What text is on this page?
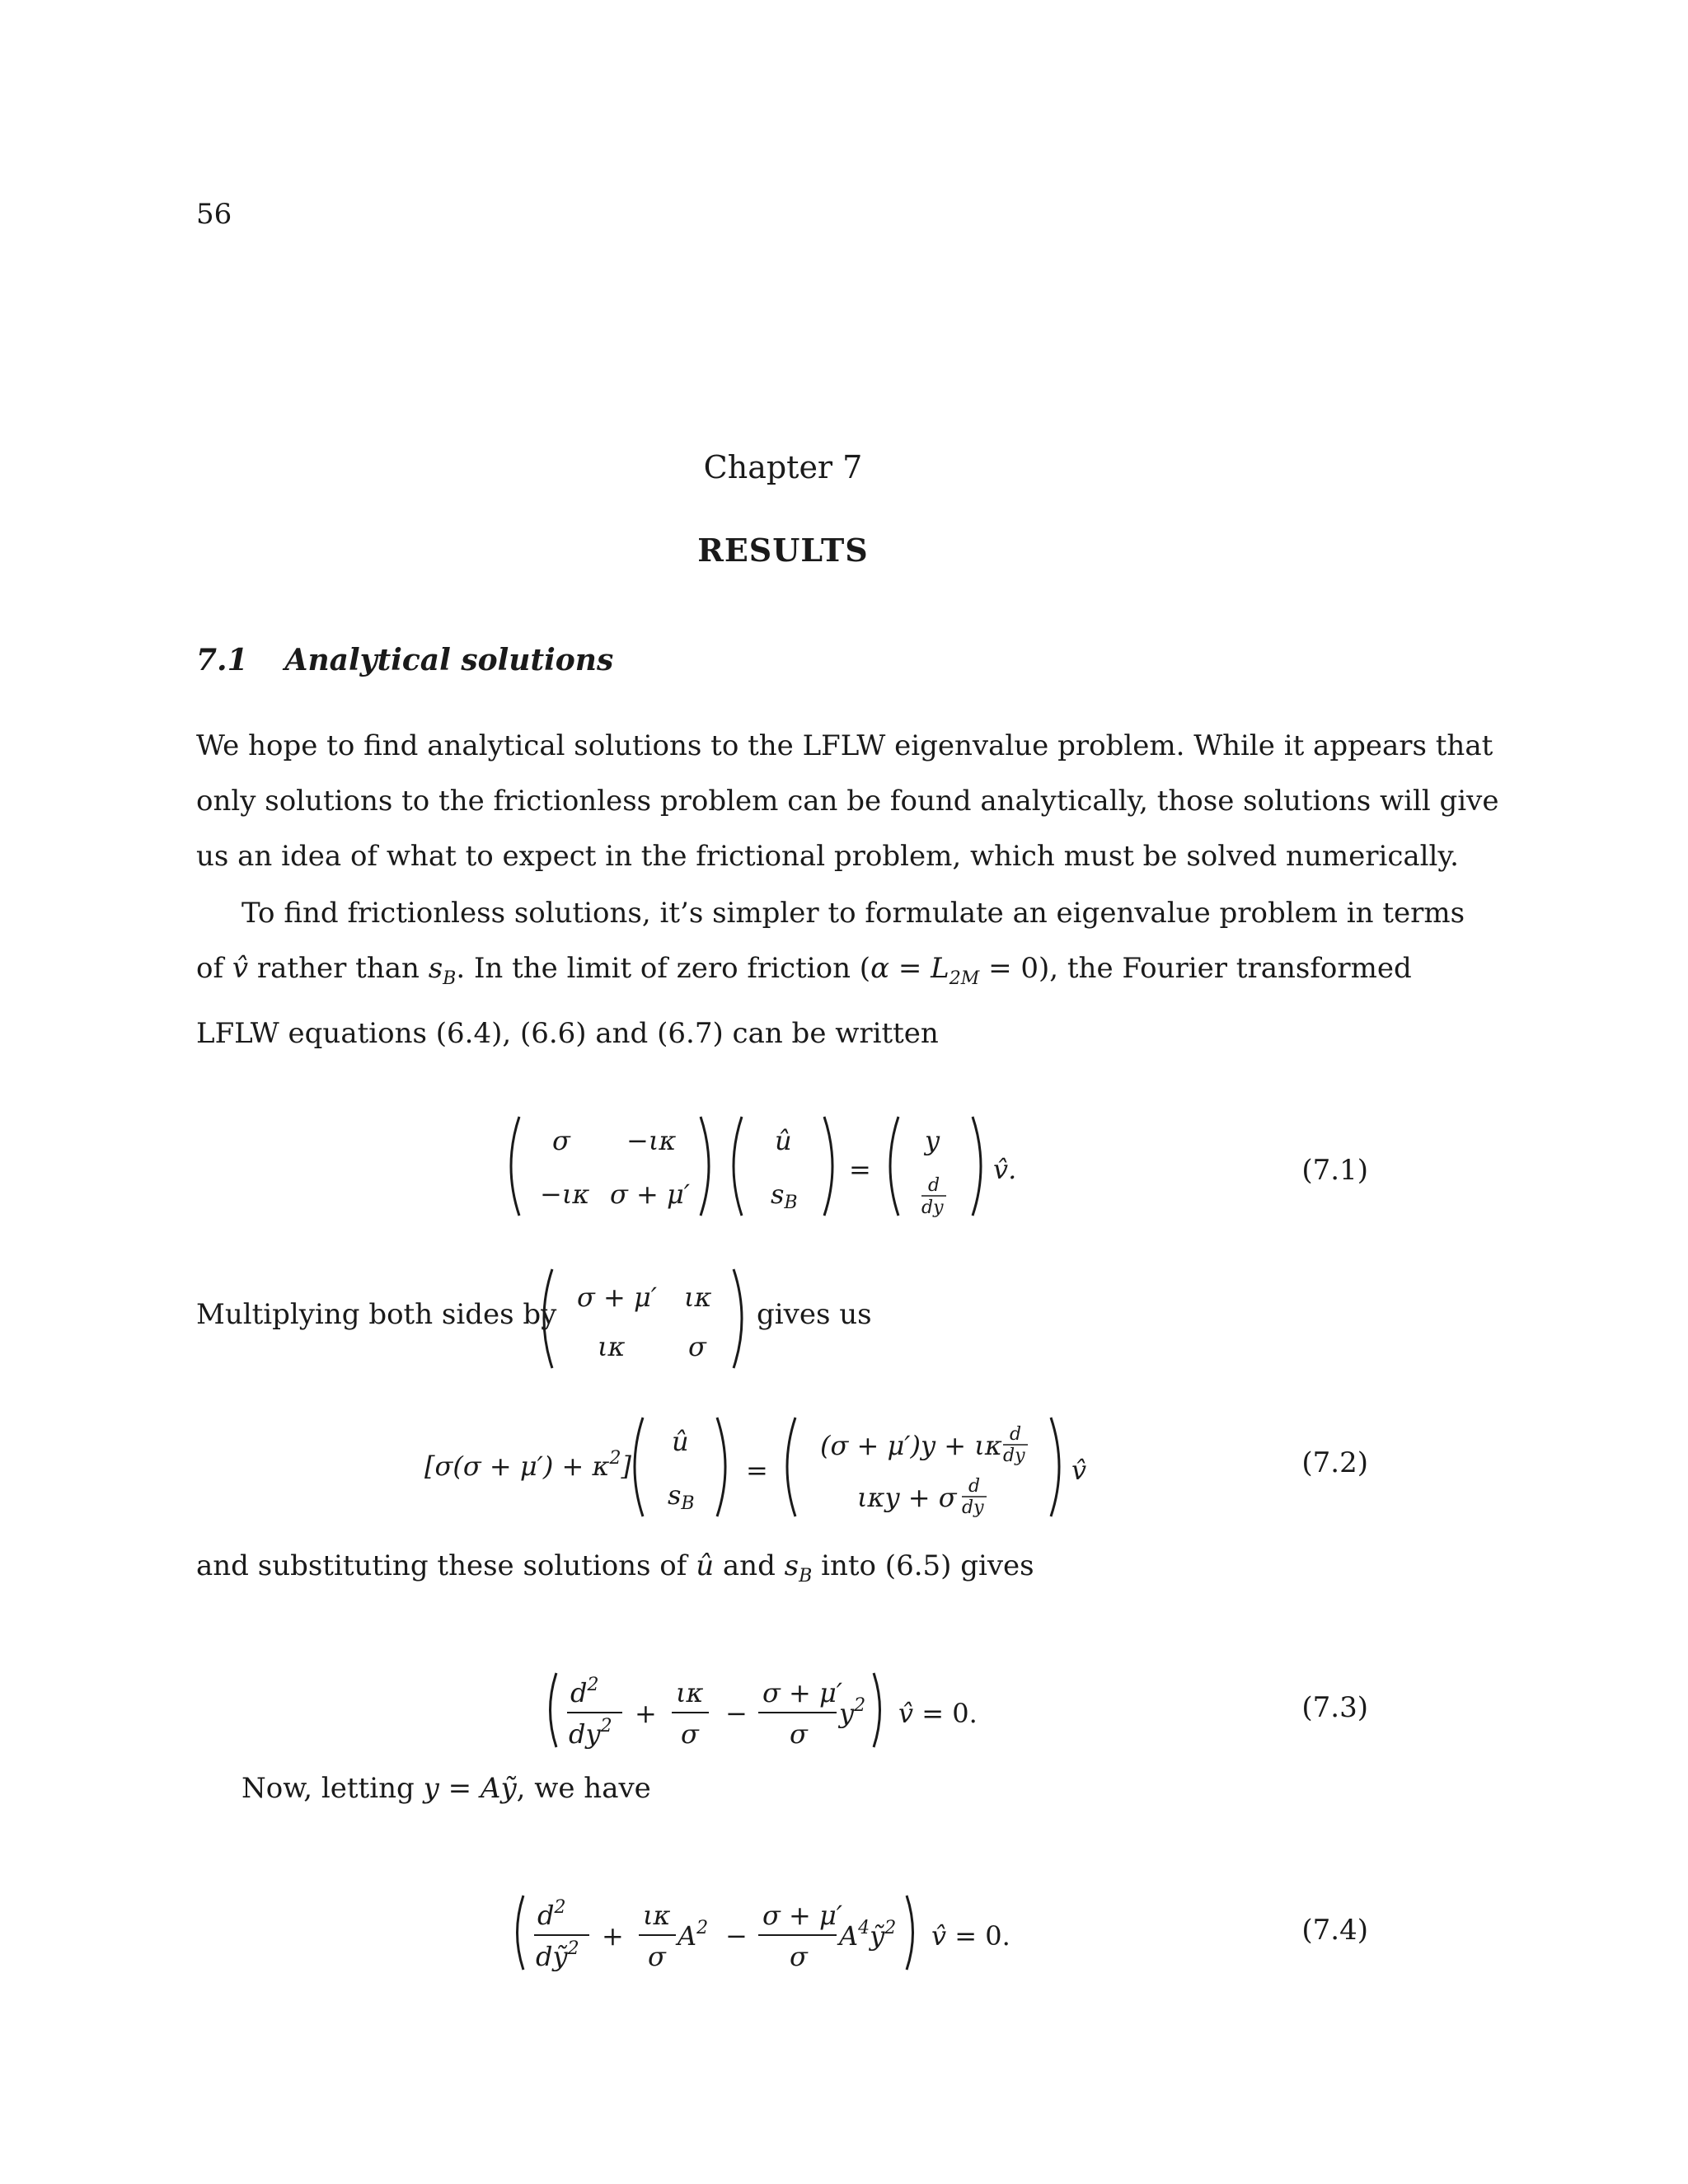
56
Chapter 7
RESULTS
7.1 Analytical solutions
We hope to find analytical solutions to the LFLW eigenvalue problem. While it appears that
only solutions to the frictionless problem can be found analytically, those solutions will give
us an idea of what to expect in the frictional problem, which must be solved numerically.
To find frictionless solutions, it’s simpler to formulate an eigenvalue problem in terms
of v̂ rather than $s_B$. In the limit of zero friction $(\alpha = L_{2M} = 0)$, the Fourier transformed
LFLW equations (6.4), (6.6) and (6.7) can be written
σ −ικ
−ικ σ + μ′
û
sB
=
y
d
dy
v̂.	(7.1)
Multiplying both sides by
σ + μ′ ικ
ικ σ
gives us
$[\sigma(\sigma + \mu') + \kappa^2]$
û
sB
=
(σ + μ′)y + ικ d
dy
ικy + σ d
dy
v̂	(7.2)
and substituting these solutions of û and $s_B$ into (6.5) gives
$d^2$
$dy^2$ +
ικ
σ
−
σ + μ′
σ
$y^2$ v̂ = 0.	(7.3)
Now, letting y = Aỹ, we have
$d^2$
dỹ$^2$ +
ικ
σ
$A^2$ −
σ + μ′
σ
$A^4ỹ^2$ v̂ = 0.	(7.4)
